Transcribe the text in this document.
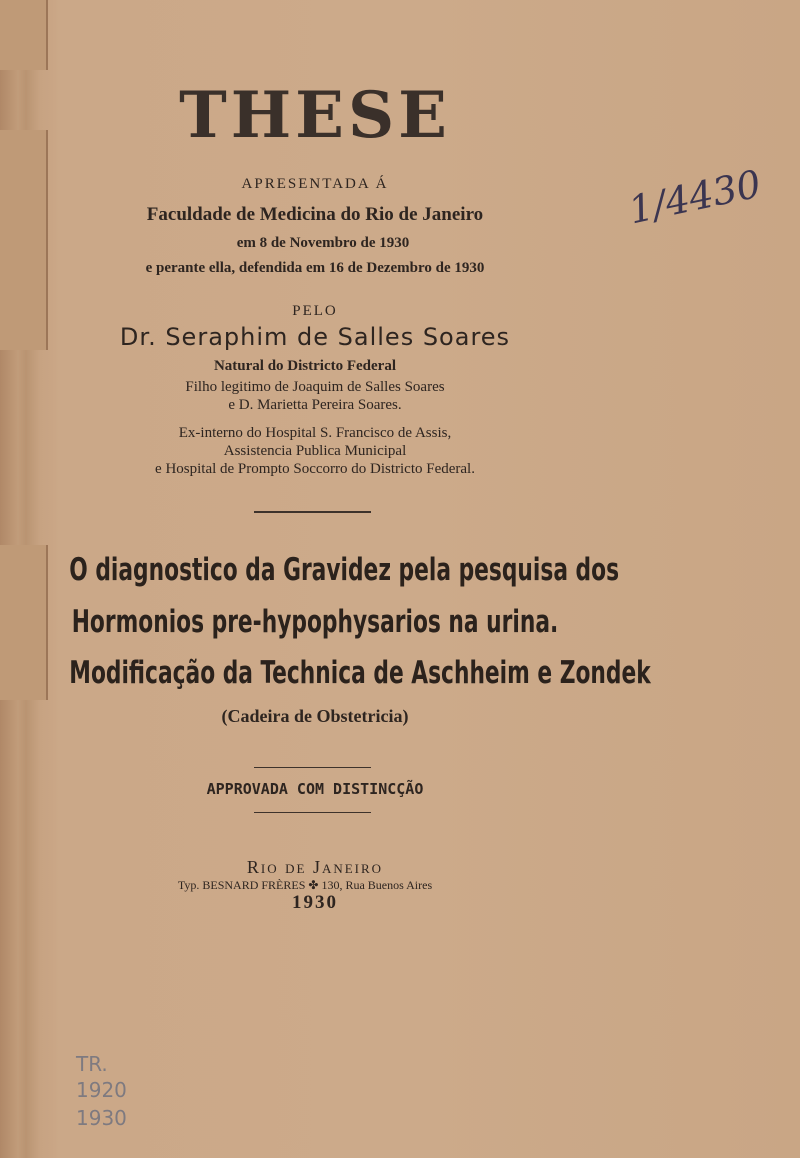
THESE
APRESENTADA Á
Faculdade de Medicina do Rio de Janeiro
em 8 de Novembro de 1930
e perante ella, defendida em 16 de Dezembro de 1930
PELO
Dr. Seraphim de Salles Soares
Natural do Districto Federal
Filho legitimo de Joaquim de Salles Soares
e D. Marietta Pereira Soares.
Ex-interno do Hospital S. Francisco de Assis,
Assistencia Publica Municipal
e Hospital de Prompto Soccorro do Districto Federal.
O diagnostico da Gravidez pela pesquisa dos
Hormonios pre-hypophysarios na urina.
Modificação da Technica de Aschheim e Zondek
(Cadeira de Obstetricia)
APPROVADA COM DISTINCÇÃO
Rio de Janeiro
Typ. BESNARD FRÈRES ✤ 130, Rua Buenos Aires
1930
1/4430
TR.
1920
1930
